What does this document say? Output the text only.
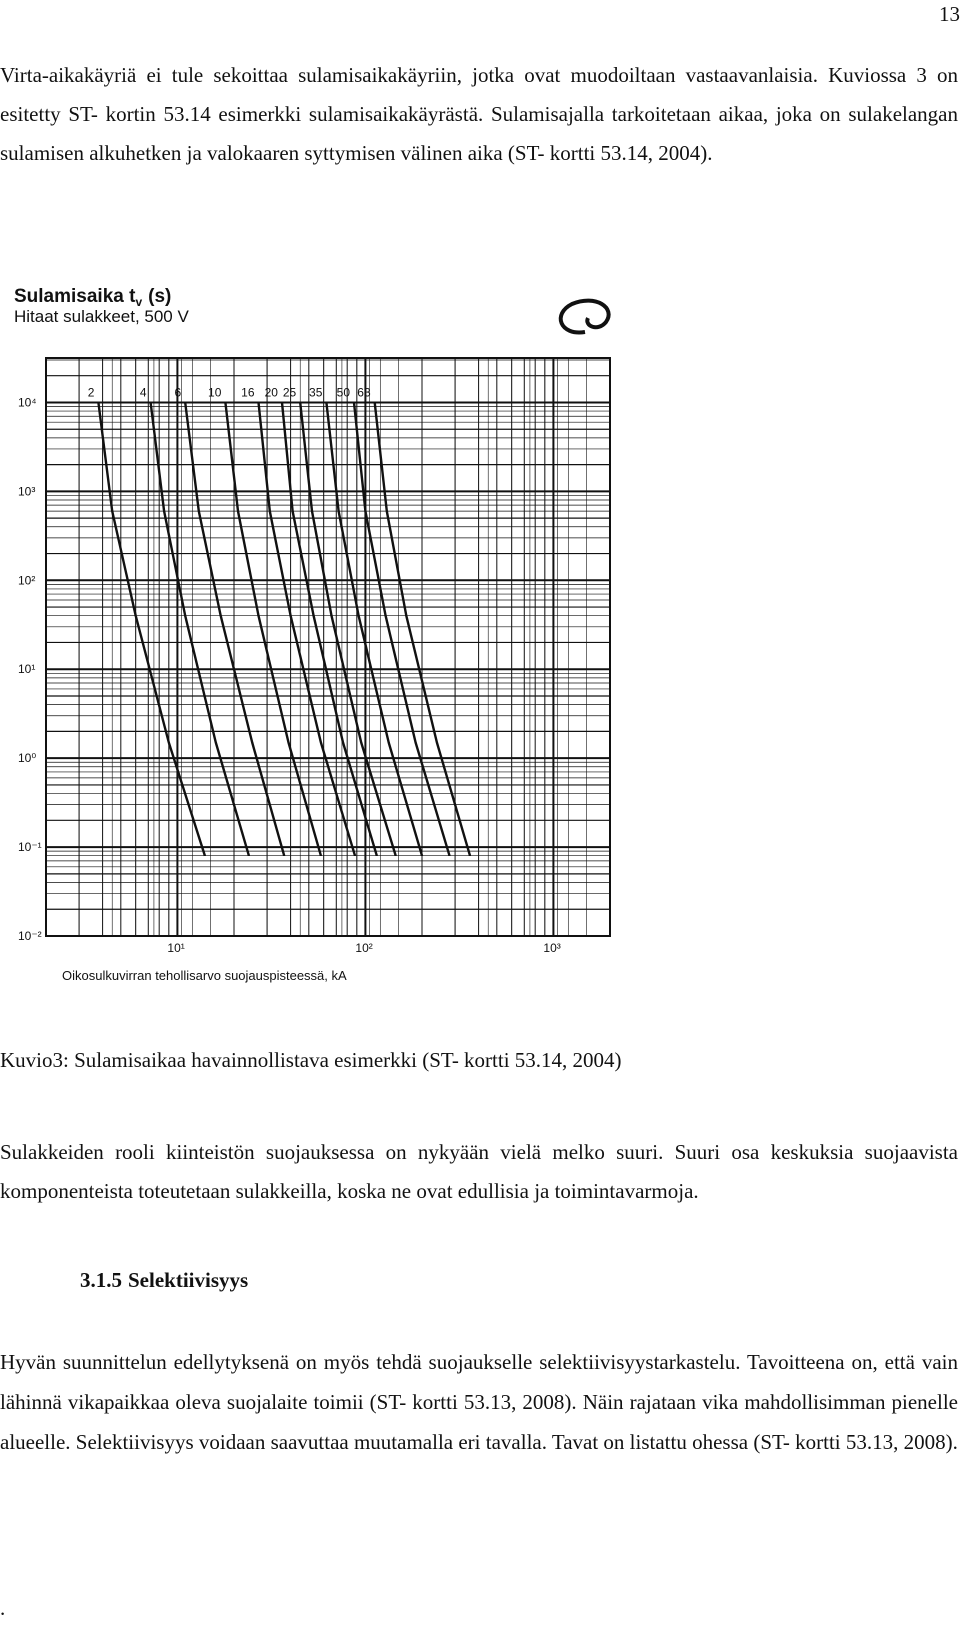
13

Virta-aikakäyriä ei tule sekoittaa sulamisaikakäyriin, jotka ovat muodoiltaan vastaavanlaisia. Kuviossa 3 on esitetty ST- kortin 53.14 esimerkki sulamisaikakäyrästä. Sulamisajalla tarkoitetaan aikaa, joka on sulakelangan sulamisen alkuhetken ja valokaaren syttymisen välinen aika (ST- kortti 53.14, 2004).

Sulamisaika $t_v$ (s)
Hitaat sulakkeet, 500 V
2	4 6 10 16 20 25 35 50 63
10⁴
10³
10²
10¹
10⁰
10⁻¹
10⁻²
10¹	10²	10³
Oikosulkuvirran tehollisarvo suojauspisteessä, kA
Kuvio3: Sulamisaikaa havainnollistava esimerkki (ST- kortti 53.14, 2004)

Sulakkeiden rooli kiinteistön suojauksessa on nykyään vielä melko suuri. Suuri osa keskuksia suojaavista komponenteista toteutetaan sulakkeilla, koska ne ovat edullisia ja toimintavarmoja.

3.1.5 Selektiivisyys

Hyvän suunnittelun edellytyksenä on myös tehdä suojaukselle selektiivisyystarkastelu. Tavoitteena on, että vain lähinnä vikapaikkaa oleva suojalaite toimii (ST- kortti 53.13, 2008). Näin rajataan vika mahdollisimman pienelle alueelle. Selektiivisyys voidaan saavuttaa muutamalla eri tavalla. Tavat on listattu ohessa (ST- kortti 53.13, 2008).

.
